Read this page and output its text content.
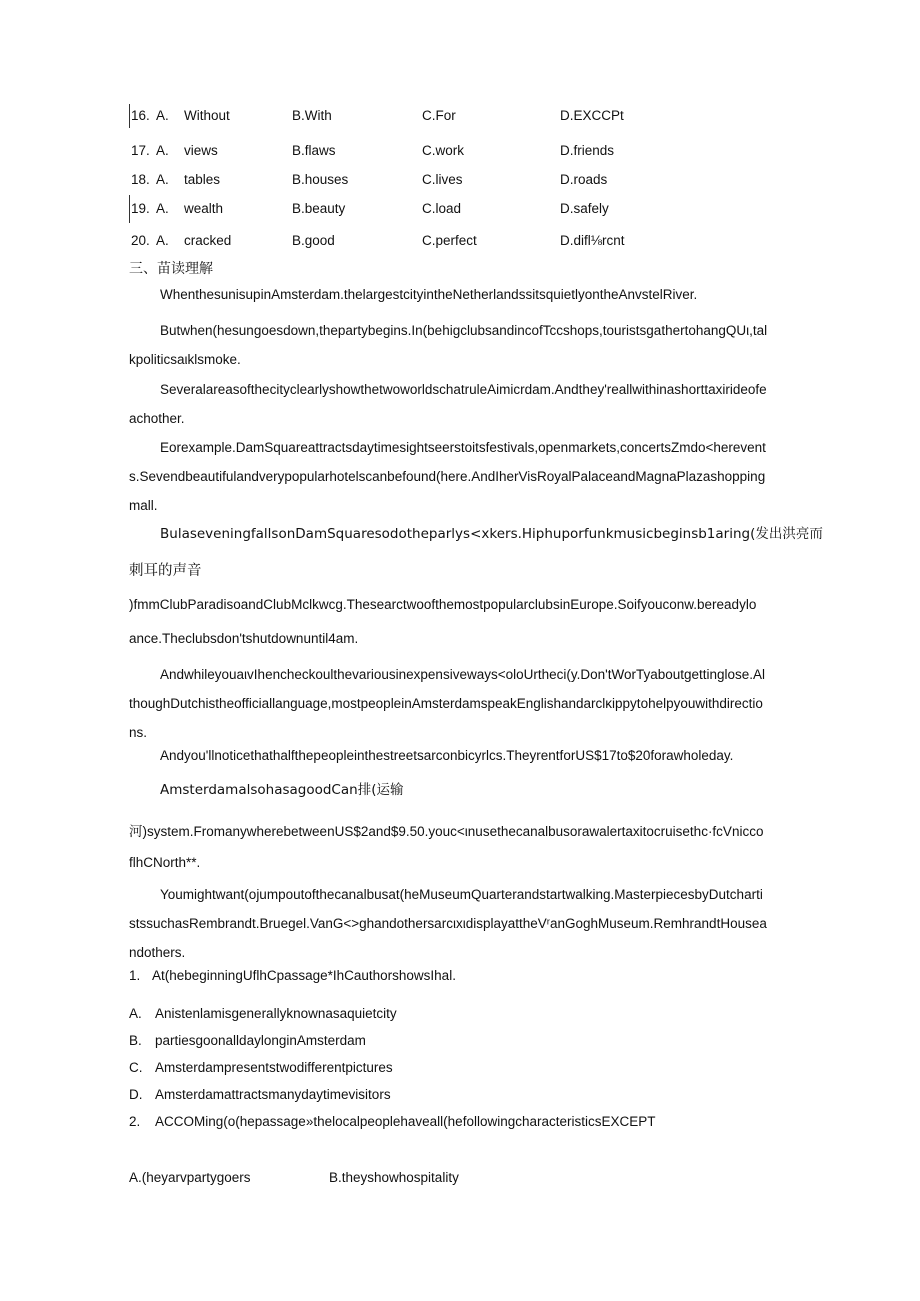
16. A. Without	B.With	C.For	D.EXCCPt
17. A. views	B.flaws	C.work	D.friends
18. A. tables	B.houses	C.lives	D.roads
19. A. wealth	B.beauty	C.load	D.safely
20. A. cracked	B.good	C.perfect	D.difl⅛rcnt
三、苗读理解
WhenthesunisupinAmsterdam.thelargestcityintheNetherlandssitsquietlyontheAnvstelRiver.
Butwhen(hesungoesdown,thepartybegins.In(behigclubsandincofTccshops,touristsgathertohangQUι,tal
kpoliticsaιklsmoke.
SeveralareasofthecityclearlyshowthetwoworldschatruleAimicrdam.Andthey'reallwithinashorttaxirideofe
achother.
Eorexample.DamSquareattractsdaytimesightseerstoitsfestivals,openmarkets,concertsZmdo<herevent
s.Sevendbeautifulandverypopularhotelscanbefound(here.AndIherVisRoyalPalaceandMagnaPlazashopping
mall.
BulaseveningfallsonDamSquaresodotheparlys<xkers.Hiphuporfunkmusicbeginsb1aring(发出洪亮而
刺耳的声音
)fmmClubParadisoandClubMclkwcg.ThesearctwoofthemostpopularclubsinEurope.Soifyouconw.bereadylo
ance.Theclubsdon'tshutdownuntil4am.
AndwhileyouaιvIhencheckoulthevariousinexpensiveways<oloUrtheci(y.Don'tWorTyaboutgettinglose.Al
thoughDutchistheofficiallanguage,mostpeopleinAmsterdamspeakEnglishandarclκippytohelpyouwithdirectio
ns.
Andyou'llnoticethathalfthepeopleinthestreetsarconbicyrlcs.TheyrentforUS$17to$20forawholeday.
AmsterdamalsohasagoodCan排(运输
河)system.FromanywherebetweenUS$2and$9.50.youc<ιnusethecanalbusorawalertaxitocruisethc·fcVnicco
flhCNorth**.
Youmightwant(ojumpoutofthecanalbusat(heMuseumQuarterandstartwalking.MasterpiecesbyDutcharti
stssuchasRembrandt.Bruegel.VanG<>ghandothersarcιxιdisplayattheVʳanGoghMuseum.RemhrandtHousea
ndothers.
1. At(hebeginningUflhCpassage*IhCauthorshowsIhal.
A. Anistenlamisgenerallyknownasaquietcity
B. partiesgoonalldaylonginAmsterdam
C. Amsterdampresentstwodifferentpictures
D. Amsterdamattractsmanydaytimevisitors
2. ACCOMing(o(hepassage»thelocalpeoplehaveall(hefollowingcharacteristicsEXCEPT
A.(heyarvpartygoers	B.theyshowhospitality
